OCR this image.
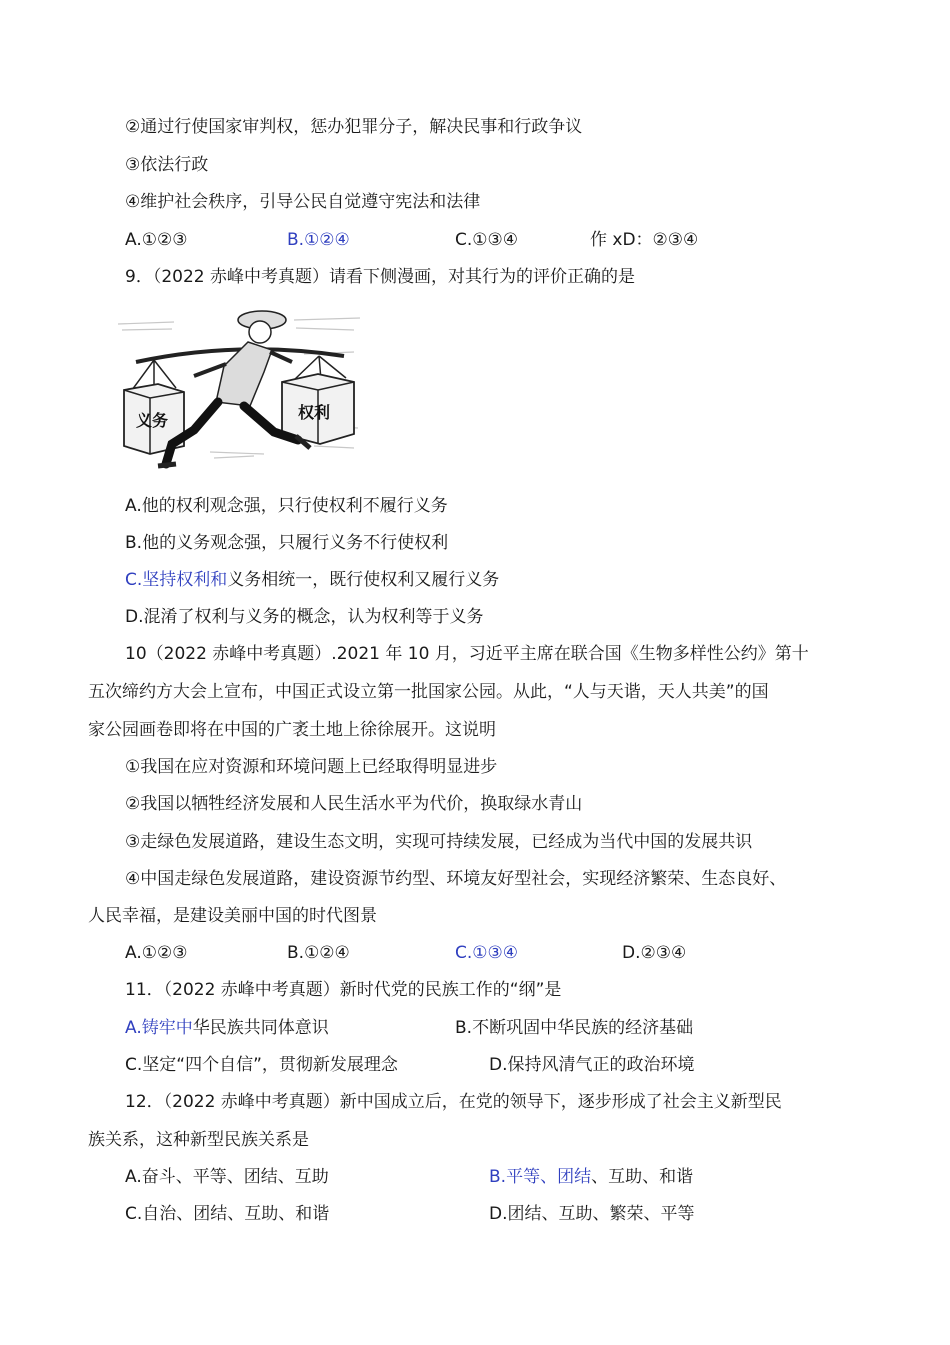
②通过行使国家审判权，惩办犯罪分子，解决民事和行政争议
③依法行政
④维护社会秩序，引导公民自觉遵守宪法和法律
A.①②③	B.①②④	C.①③④	作 xD：②③④
9．（2022 赤峰中考真题）请看下侧漫画，对其行为的评价正确的是
义务	权利
A.他的权利观念强，只行使权利不履行义务
B.他的义务观念强，只履行义务不行使权利
C.坚持权利和义务相统一，既行使权利又履行义务
D.混淆了权利与义务的概念，认为权利等于义务
10（2022 赤峰中考真题）.2021 年 10 月，习近平主席在联合国《生物多样性公约》第十
五次缔约方大会上宣布，中国正式设立第一批国家公园。从此，“人与天谐，天人共美”的国
家公园画卷即将在中国的广袤土地上徐徐展开。这说明
①我国在应对资源和环境问题上已经取得明显进步
②我国以牺牲经济发展和人民生活水平为代价，换取绿水青山
③走绿色发展道路，建设生态文明，实现可持续发展，已经成为当代中国的发展共识
④中国走绿色发展道路，建设资源节约型、环境友好型社会，实现经济繁荣、生态良好、
人民幸福，是建设美丽中国的时代图景
A.①②③	B.①②④	C.①③④	D.②③④
11．（2022 赤峰中考真题）新时代党的民族工作的“纲”是
A.铸牢中华民族共同体意识	B.不断巩固中华民族的经济基础
C.坚定“四个自信”，贯彻新发展理念	D.保持风清气正的政治环境
12．（2022 赤峰中考真题）新中国成立后，在党的领导下，逐步形成了社会主义新型民
族关系，这种新型民族关系是
A.奋斗、平等、团结、互助	B.平等、团结、互助、和谐
C.自治、团结、互助、和谐	D.团结、互助、繁荣、平等
